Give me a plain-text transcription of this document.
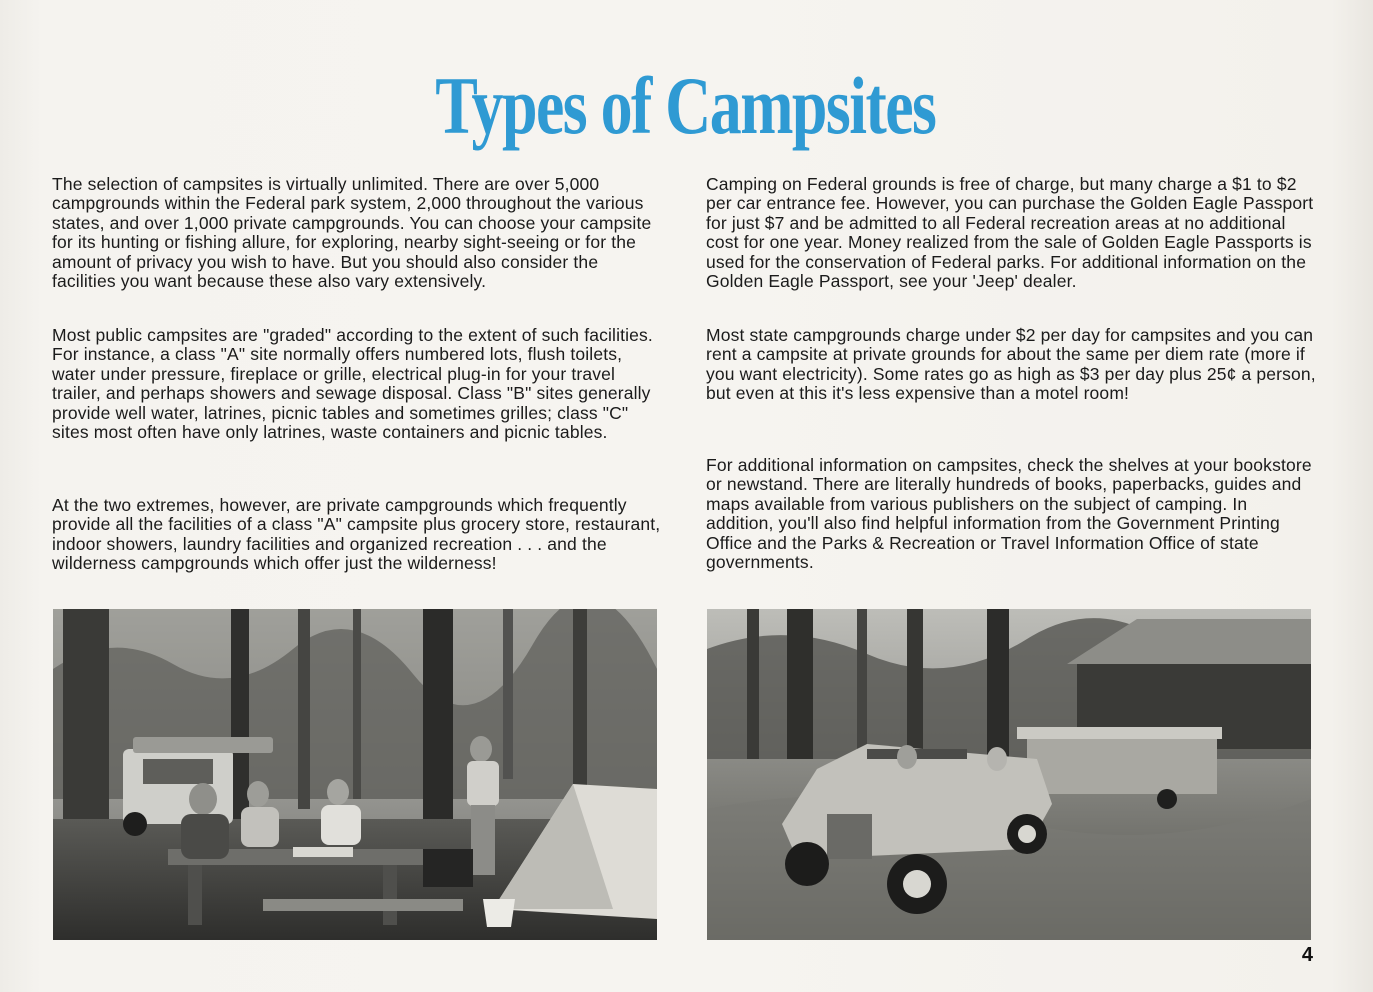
Types of Campsites

The selection of campsites is virtually unlimited. There are over 5,000 campgrounds within the Federal park system, 2,000 throughout the various states, and over 1,000 private campgrounds. You can choose your campsite for its hunting or fishing allure, for exploring, nearby sight-seeing or for the amount of privacy you wish to have. But you should also consider the facilities you want because these also vary extensively.

Most public campsites are "graded" according to the extent of such facilities. For instance, a class "A" site normally offers numbered lots, flush toilets, water under pressure, fireplace or grille, electrical plug-in for your travel trailer, and perhaps showers and sewage disposal. Class "B" sites generally provide well water, latrines, picnic tables and sometimes grilles; class "C" sites most often have only latrines, waste containers and picnic tables.

At the two extremes, however, are private campgrounds which frequently provide all the facilities of a class "A" campsite plus grocery store, restaurant, indoor showers, laundry facilities and organized recreation . . . and the wilderness campgrounds which offer just the wilderness!

Camping on Federal grounds is free of charge, but many charge a $1 to $2 per car entrance fee. However, you can purchase the Golden Eagle Passport for just $7 and be admitted to all Federal recreation areas at no additional cost for one year. Money realized from the sale of Golden Eagle Passports is used for the conservation of Federal parks. For additional information on the Golden Eagle Passport, see your 'Jeep' dealer.

Most state campgrounds charge under $2 per day for campsites and you can rent a campsite at private grounds for about the same per diem rate (more if you want electricity). Some rates go as high as $3 per day plus 25¢ a person, but even at this it's less expensive than a motel room!

For additional information on campsites, check the shelves at your bookstore or newstand. There are literally hundreds of books, paperbacks, guides and maps available from various publishers on the subject of camping. In addition, you'll also find helpful information from the Government Printing Office and the Parks & Recreation or Travel Information Office of state governments.

4
